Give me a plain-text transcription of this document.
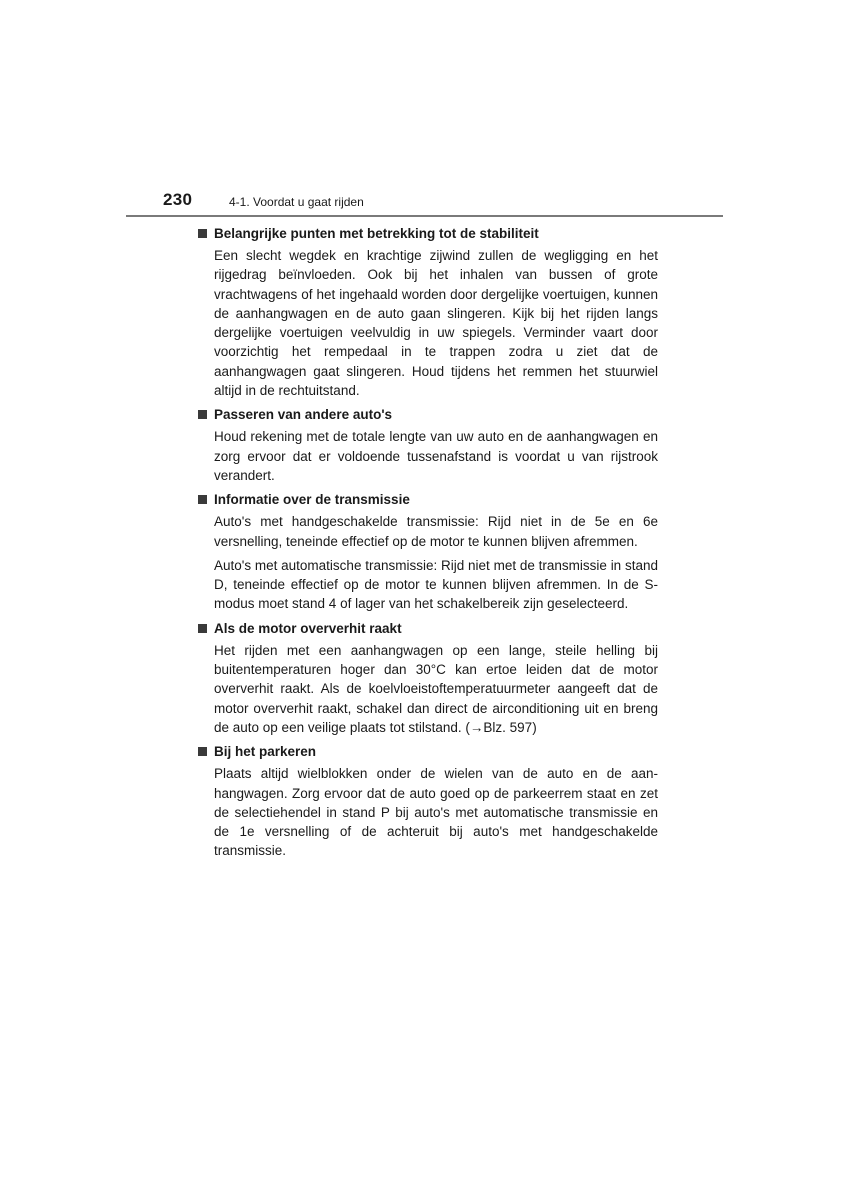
230	4-1. Voordat u gaat rijden
Belangrijke punten met betrekking tot de stabiliteit

Een slecht wegdek en krachtige zijwind zullen de wegligging en het rijgedrag beïnvloeden. Ook bij het inhalen van bussen of grote vrachtwagens of het ingehaald worden door dergelijke voertuigen, kunnen de aanhangwagen en de auto gaan slingeren. Kijk bij het rijden langs dergelijke voertuigen veelvuldig in uw spiegels. Verminder vaart door voorzichtig het rempedaal in te trappen zodra u ziet dat de aanhangwagen gaat slingeren. Houd tijdens het remmen het stuurwiel altijd in de rechtuitstand.

Passeren van andere auto's

Houd rekening met de totale lengte van uw auto en de aanhangwagen en zorg ervoor dat er voldoende tussenafstand is voordat u van rijstrook verandert.

Informatie over de transmissie

Auto's met handgeschakelde transmissie: Rijd niet in de 5e en 6e versnelling, teneinde effectief op de motor te kunnen blijven afremmen.

Auto's met automatische transmissie: Rijd niet met de transmissie in stand D, teneinde effectief op de motor te kunnen blijven afremmen. In de S-modus moet stand 4 of lager van het schakelbereik zijn geselecteerd.

Als de motor oververhit raakt

Het rijden met een aanhangwagen op een lange, steile helling bij buitentemperaturen hoger dan 30°C kan ertoe leiden dat de motor oververhit raakt. Als de koelvloeistoftemperatuurmeter aangeeft dat de motor oververhit raakt, schakel dan direct de airconditioning uit en breng de auto op een veilige plaats tot stilstand. (→Blz. 597)

Bij het parkeren

Plaats altijd wielblokken onder de wielen van de auto en de aanhangwagen. Zorg ervoor dat de auto goed op de parkeerrem staat en zet de selectiehendel in stand P bij auto's met automatische transmissie en de 1e versnelling of de achteruit bij auto's met handgeschakelde transmissie.
